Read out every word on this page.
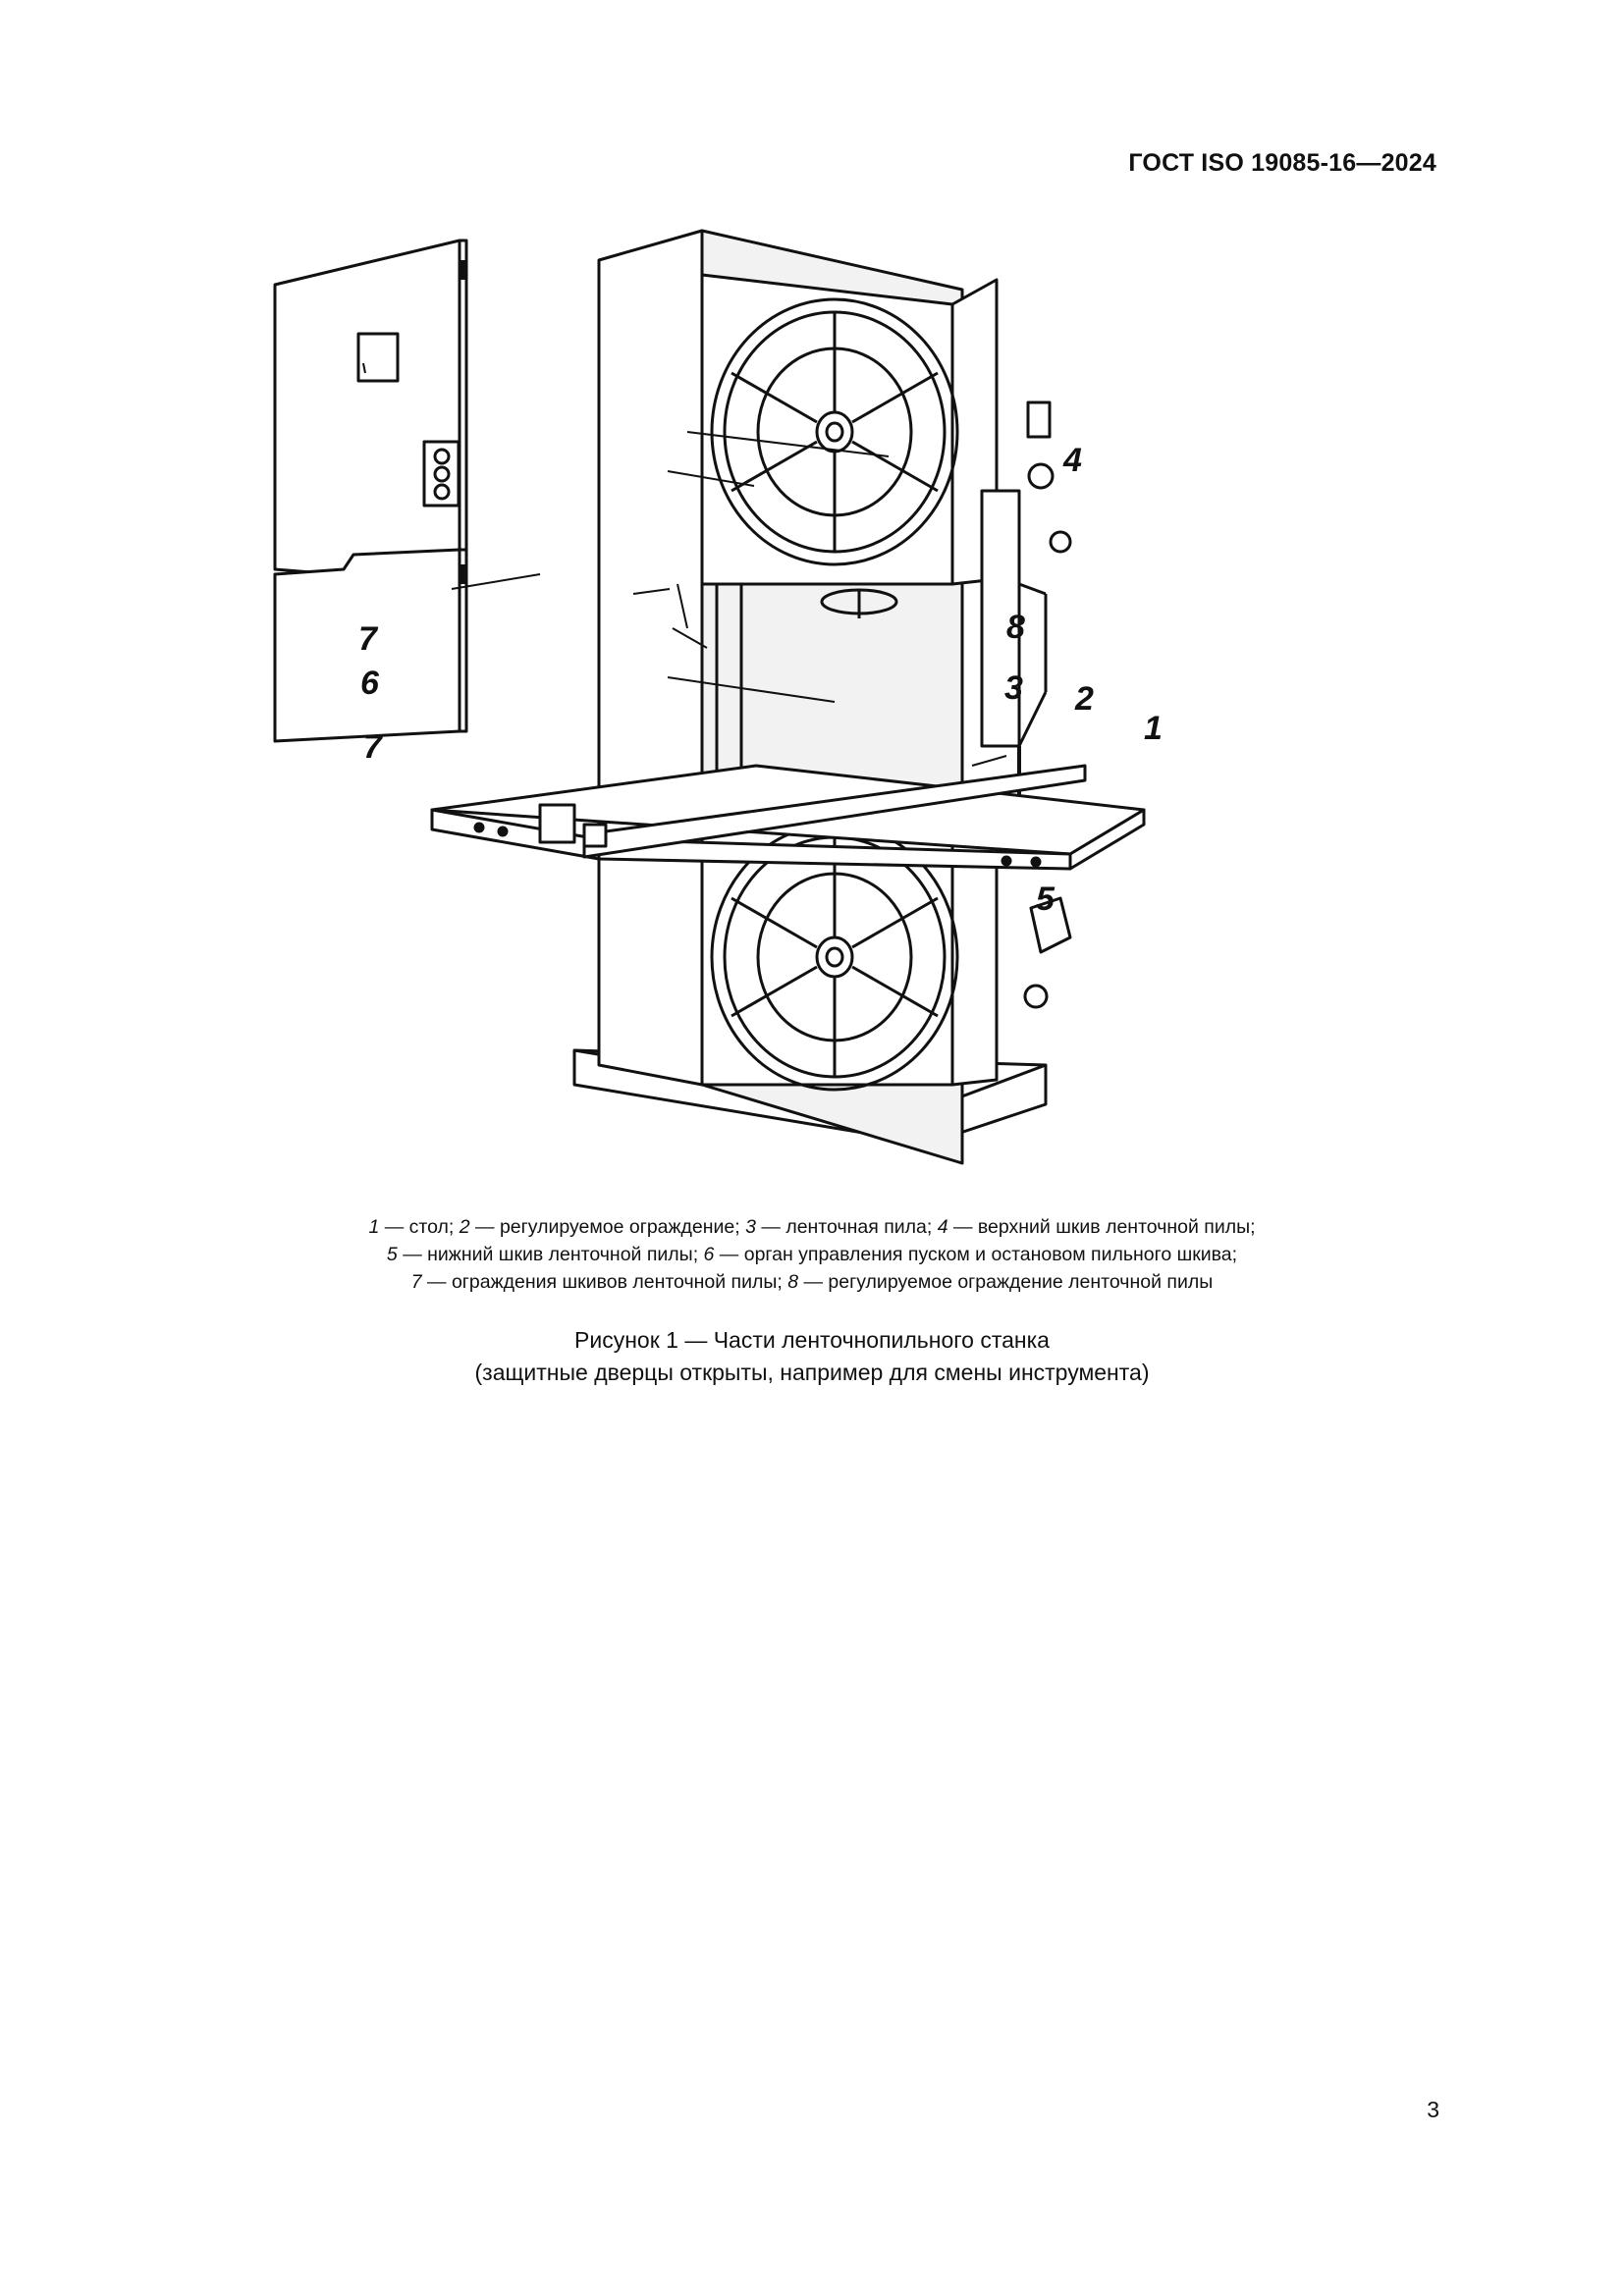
ГОСТ ISO 19085-16—2024
4
8
3 2
1
5
6
7
7
1 — стол; 2 — регулируемое ограждение; 3 — ленточная пила; 4 — верхний шкив ленточной пилы;
5 — нижний шкив ленточной пилы; 6 — орган управления пуском и остановом пильного шкива;
7 — ограждения шкивов ленточной пилы; 8 — регулируемое ограждение ленточной пилы
Рисунок 1 — Части ленточнопильного станка
(защитные дверцы открыты, например для смены инструмента)
3
